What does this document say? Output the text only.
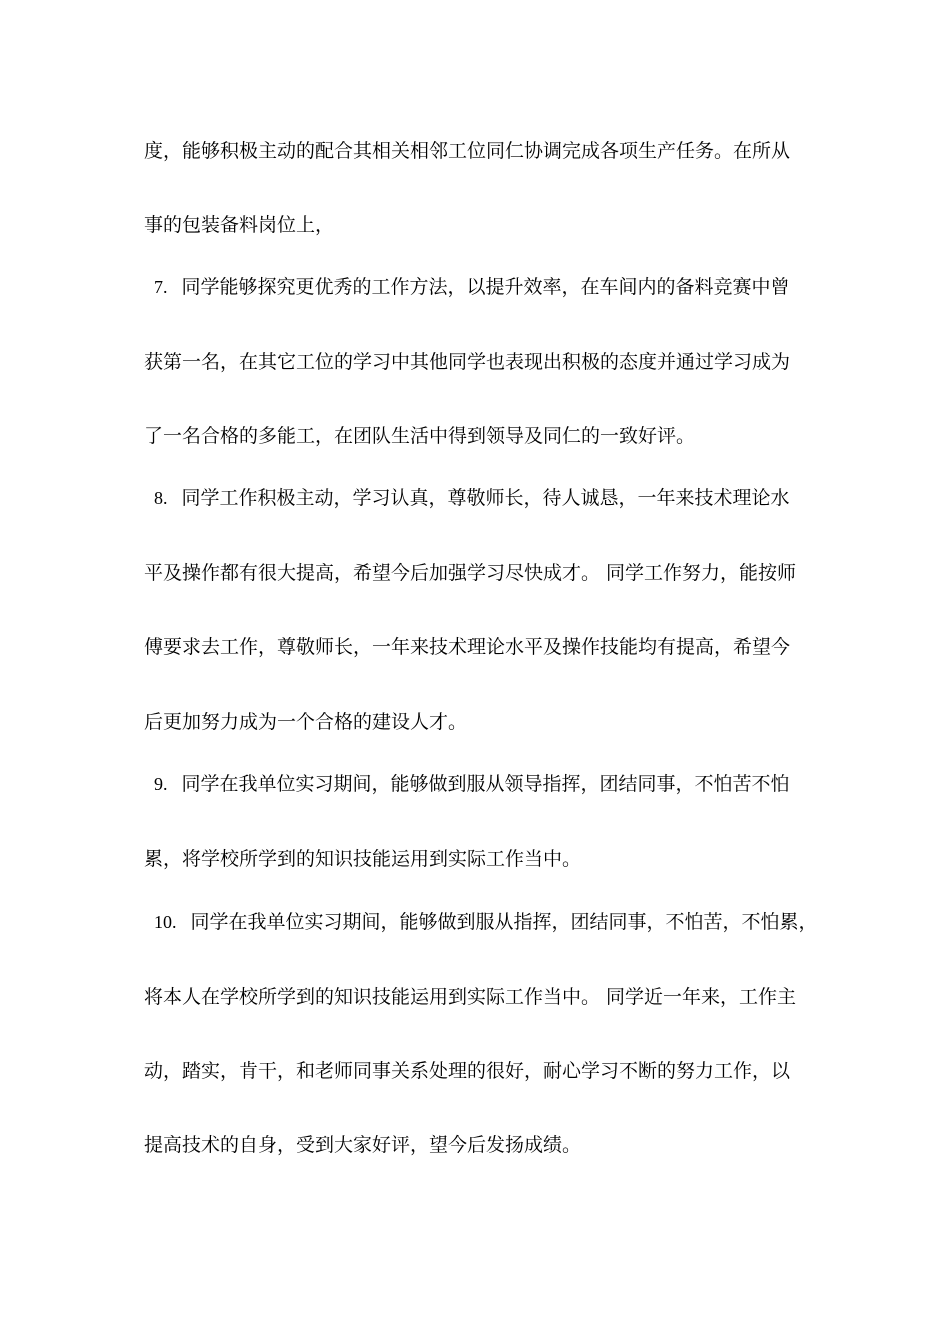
度，能够积极主动的配合其相关相邻工位同仁协调完成各项生产任务。在所从
事的包装备料岗位上，
7. 同学能够探究更优秀的工作方法，以提升效率，在车间内的备料竞赛中曾
获第一名，在其它工位的学习中其他同学也表现出积极的态度并通过学习成为
了一名合格的多能工，在团队生活中得到领导及同仁的一致好评。
8. 同学工作积极主动，学习认真，尊敬师长，待人诚恳，一年来技术理论水
平及操作都有很大提高，希望今后加强学习尽快成才。 同学工作努力，能按师
傅要求去工作，尊敬师长，一年来技术理论水平及操作技能均有提高，希望今
后更加努力成为一个合格的建设人才。
9. 同学在我单位实习期间，能够做到服从领导指挥，团结同事，不怕苦不怕
累，将学校所学到的知识技能运用到实际工作当中。
10. 同学在我单位实习期间，能够做到服从指挥，团结同事，不怕苦，不怕累，
将本人在学校所学到的知识技能运用到实际工作当中。 同学近一年来，工作主
动，踏实，肯干，和老师同事关系处理的很好，耐心学习不断的努力工作，以
提高技术的自身，受到大家好评，望今后发扬成绩。
